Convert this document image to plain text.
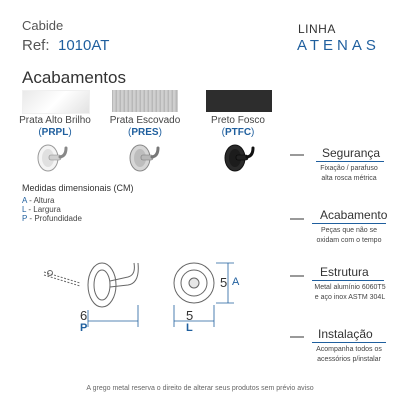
Cabide
Ref: 1010AT
LINHA
ATENAS
Acabamentos
Prata Alto Brilho	Prata Escovado	Preto Fosco
(PRPL)	(PRES)	(PTFC)
Medidas dimensionais (CM)
A - Altura
L - Largura
P - Profundidade
6
P
5
L
5 A
Segurança
Fixação / parafuso
alta rosca métrica
Acabamento
Peças que não se
oxidam com o tempo
Estrutura
Metal alumínio 6060T5
e aço inox ASTM 304L
Instalação
Acompanha todos os
acessórios p/instalar
A grego metal reserva o direito de alterar seus produtos sem prévio aviso
